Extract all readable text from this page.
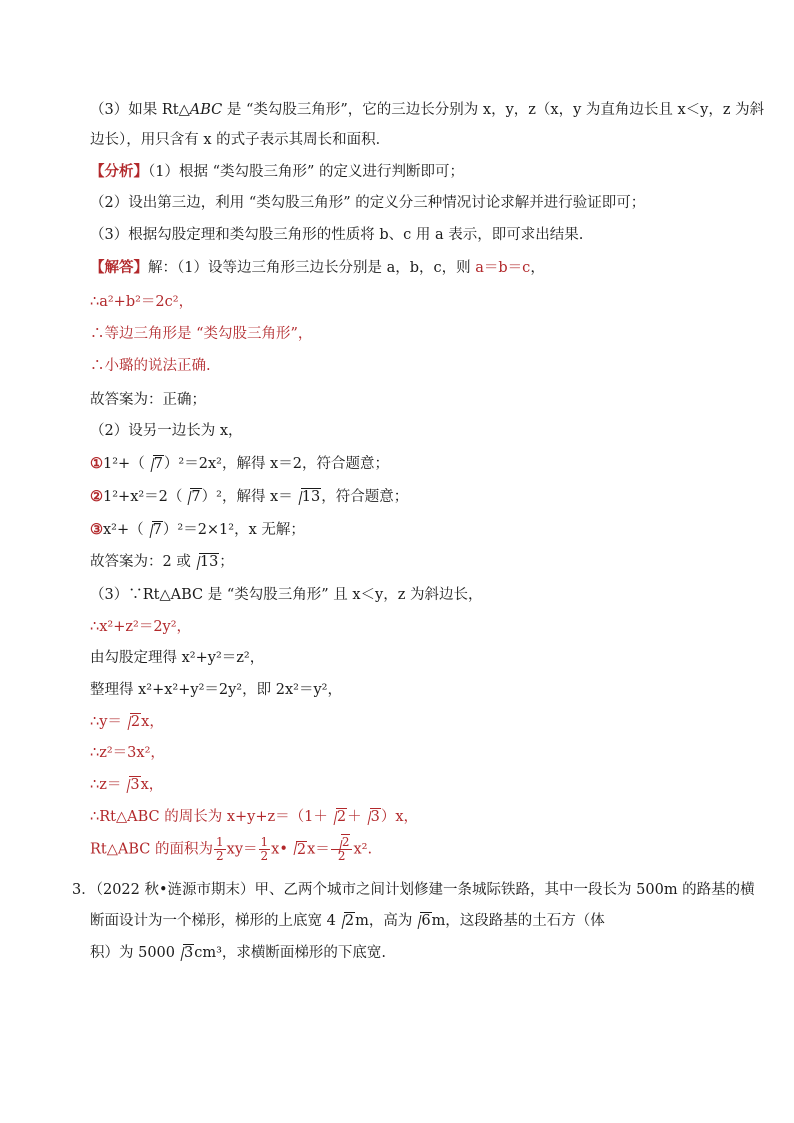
（3）如果 Rt△ABC 是 “类勾股三角形”，它的三边长分别为 x，y，z（x，y 为直角边长且 x＜y，z 为斜
边长），用只含有 x 的式子表示其周长和面积．
【分析】（1）根据 “类勾股三角形” 的定义进行判断即可；
（2）设出第三边，利用 “类勾股三角形” 的定义分三种情况讨论求解并进行验证即可；
（3）根据勾股定理和类勾股三角形的性质将 b、c 用 a 表示，即可求出结果.
【解答】解：（1）设等边三角形三边长分别是 a，b，c，则 a＝b＝c，
∴a²+b²＝2c²，
∴等边三角形是 “类勾股三角形”，
∴小璐的说法正确.
故答案为：正确；
（2）设另一边长为 x，
①1²+（ 7）²＝2x²，解得 x＝2，符合题意；
②1²+x²＝2（ 7）²，解得 x＝ 13，符合题意；
③x²+（ 7）²＝2×1²，x 无解；
故答案为：2 或 13；
（3）∵Rt△ABC 是 “类勾股三角形” 且 x＜y，z 为斜边长，
∴x²+z²＝2y²，
由勾股定理得 x²+y²＝z²，
整理得 x²+x²+y²＝2y²，即 2x²＝y²，
∴y＝ 2x，
∴z²＝3x²，
∴z＝ 3x，
∴Rt△ABC 的周长为 x+y+z＝（1＋ 2＋ 3）x，
Rt△ABC 的面积为 $\frac{1}{2} xy= \frac{1}{2}$ x• $2x= \frac{2}{2} x^2$.
3．（2022 秋•涟源市期末）甲、乙两个城市之间计划修建一条城际铁路，其中一段长为 500m 的路基的横
断面设计为一个梯形，梯形的上底宽 4 2m，高为 6m，这段路基的土石方（体
积）为 5000 3cm³，求横断面梯形的下底宽.
